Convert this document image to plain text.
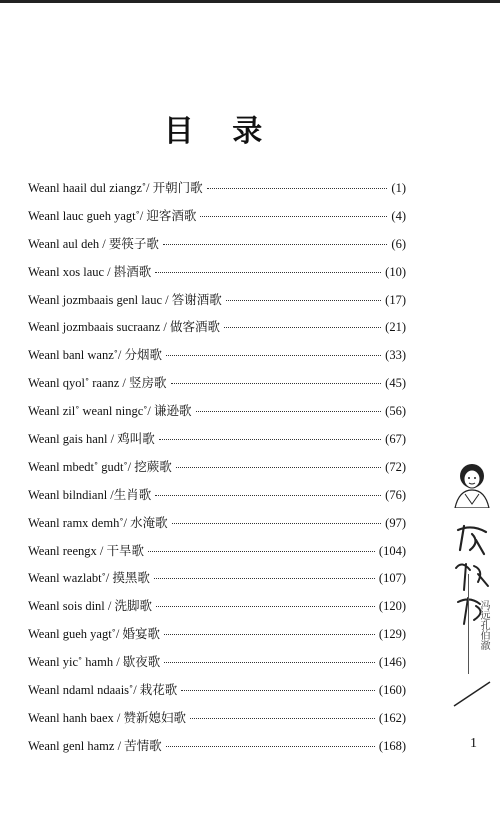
目 录
Weanl haail dul ziangz˚/ 开朝门歌	(1)
Weanl lauc gueh yagt˚/ 迎客酒歌	(4)
Weanl aul deh / 要筷子歌	(6)
Weanl xos lauc / 斟酒歌	(10)
Weanl jozmbaais genl lauc / 答谢酒歌	(17)
Weanl jozmbaais sucraanz / 做客酒歌	(21)
Weanl banl wanz˚/ 分烟歌	(33)
Weanl qyol˚ raanz / 竖房歌	(45)
Weanl zil˚ weanl ningc˚/ 谦逊歌	(56)
Weanl gais hanl / 鸡叫歌	(67)
Weanl mbedt˚ gudt˚/ 挖蕨歌	(72)
Weanl bilndianl /生肖歌	(76)
Weanl ramx demh˚/ 水淹歌	(97)
Weanl reengx / 干旱歌	(104)
Weanl wazlabt˚/ 摸黑歌	(107)
Weanl sois dinl / 洗脚歌	(120)
Weanl gueh yagt˚/ 婚宴歌	(129)
Weanl yic˚ hamh / 歇夜歌	(146)
Weanl ndaml ndaais˚/ 栽花歌	(160)
Weanl hanh baex / 赞新媳妇歌	(162)
Weanl genl hamz / 苦情歌	(168)
冯远孔伯澈
1
